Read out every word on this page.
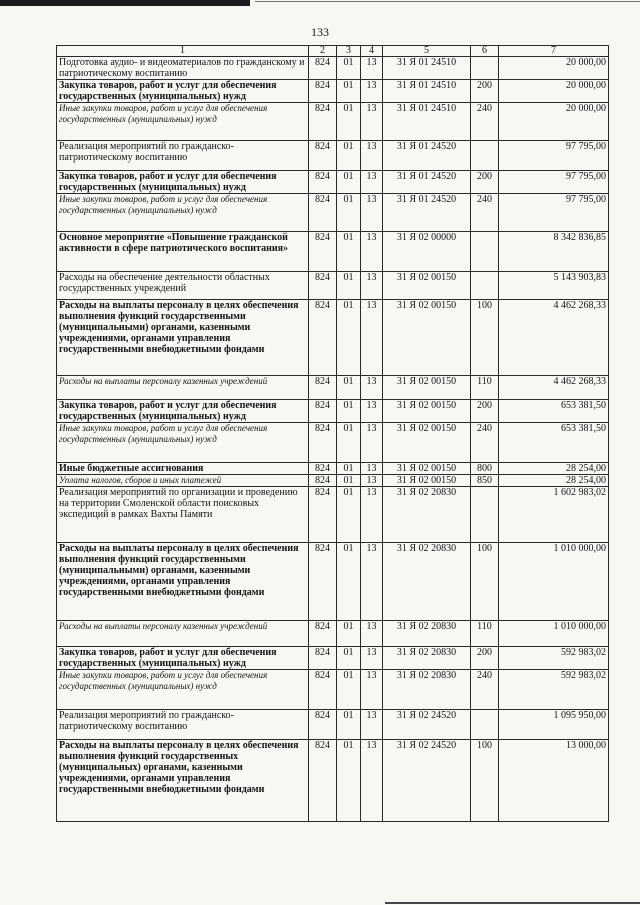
133
1	2	3	4	5	6	7
Подготовка аудио- и видеоматериалов по гражданскому и патриотическому воспитанию	824	01	13	31 Я 01 24510		20 000,00
Закупка товаров, работ и услуг для обеспечения государственных (муниципальных) нужд	824	01	13	31 Я 01 24510	200	20 000,00
Иные закупки товаров, работ и услуг для обеспечения государственных (муниципальных) нужд	824	01	13	31 Я 01 24510	240	20 000,00
Реализация мероприятий по гражданско-патриотическому воспитанию	824	01	13	31 Я 01 24520		97 795,00
Закупка товаров, работ и услуг для обеспечения государственных (муниципальных) нужд	824	01	13	31 Я 01 24520	200	97 795,00
Иные закупки товаров, работ и услуг для обеспечения государственных (муниципальных) нужд	824	01	13	31 Я 01 24520	240	97 795,00
Основное мероприятие «Повышение гражданской активности в сфере патриотического воспитания»	824	01	13	31 Я 02 00000		8 342 836,85
Расходы на обеспечение деятельности областных государственных учреждений	824	01	13	31 Я 02 00150		5 143 903,83
Расходы на выплаты персоналу в целях обеспечения выполнения функций государственными (муниципальными) органами, казенными учреждениями, органами управления государственными внебюджетными фондами	824	01	13	31 Я 02 00150	100	4 462 268,33
Расходы на выплаты персоналу казенных учреждений	824	01	13	31 Я 02 00150	110	4 462 268,33
Закупка товаров, работ и услуг для обеспечения государственных (муниципальных) нужд	824	01	13	31 Я 02 00150	200	653 381,50
Иные закупки товаров, работ и услуг для обеспечения государственных (муниципальных) нужд	824	01	13	31 Я 02 00150	240	653 381,50
Иные бюджетные ассигнования	824	01	13	31 Я 02 00150	800	28 254,00
Уплата налогов, сборов и иных платежей	824	01	13	31 Я 02 00150	850	28 254,00
Реализация мероприятий по организации и проведению на территории Смоленской области поисковых экспедиций в рамках Вахты Памяти	824	01	13	31 Я 02 20830		1 602 983,02
Расходы на выплаты персоналу в целях обеспечения выполнения функций государственными (муниципальными) органами, казенными учреждениями, органами управления государственными внебюджетными фондами	824	01	13	31 Я 02 20830	100	1 010 000,00
Расходы на выплаты персоналу казенных учреждений	824	01	13	31 Я 02 20830	110	1 010 000,00
Закупка товаров, работ и услуг для обеспечения государственных (муниципальных) нужд	824	01	13	31 Я 02 20830	200	592 983,02
Иные закупки товаров, работ и услуг для обеспечения государственных (муниципальных) нужд	824	01	13	31 Я 02 20830	240	592 983,02
Реализация мероприятий по гражданско-патриотическому воспитанию	824	01	13	31 Я 02 24520		1 095 950,00
Расходы на выплаты персоналу в целях обеспечения выполнения функций государственных (муниципальных) органами, казенными учреждениями, органами управления государственными внебюджетными фондами	824	01	13	31 Я 02 24520	100	13 000,00
